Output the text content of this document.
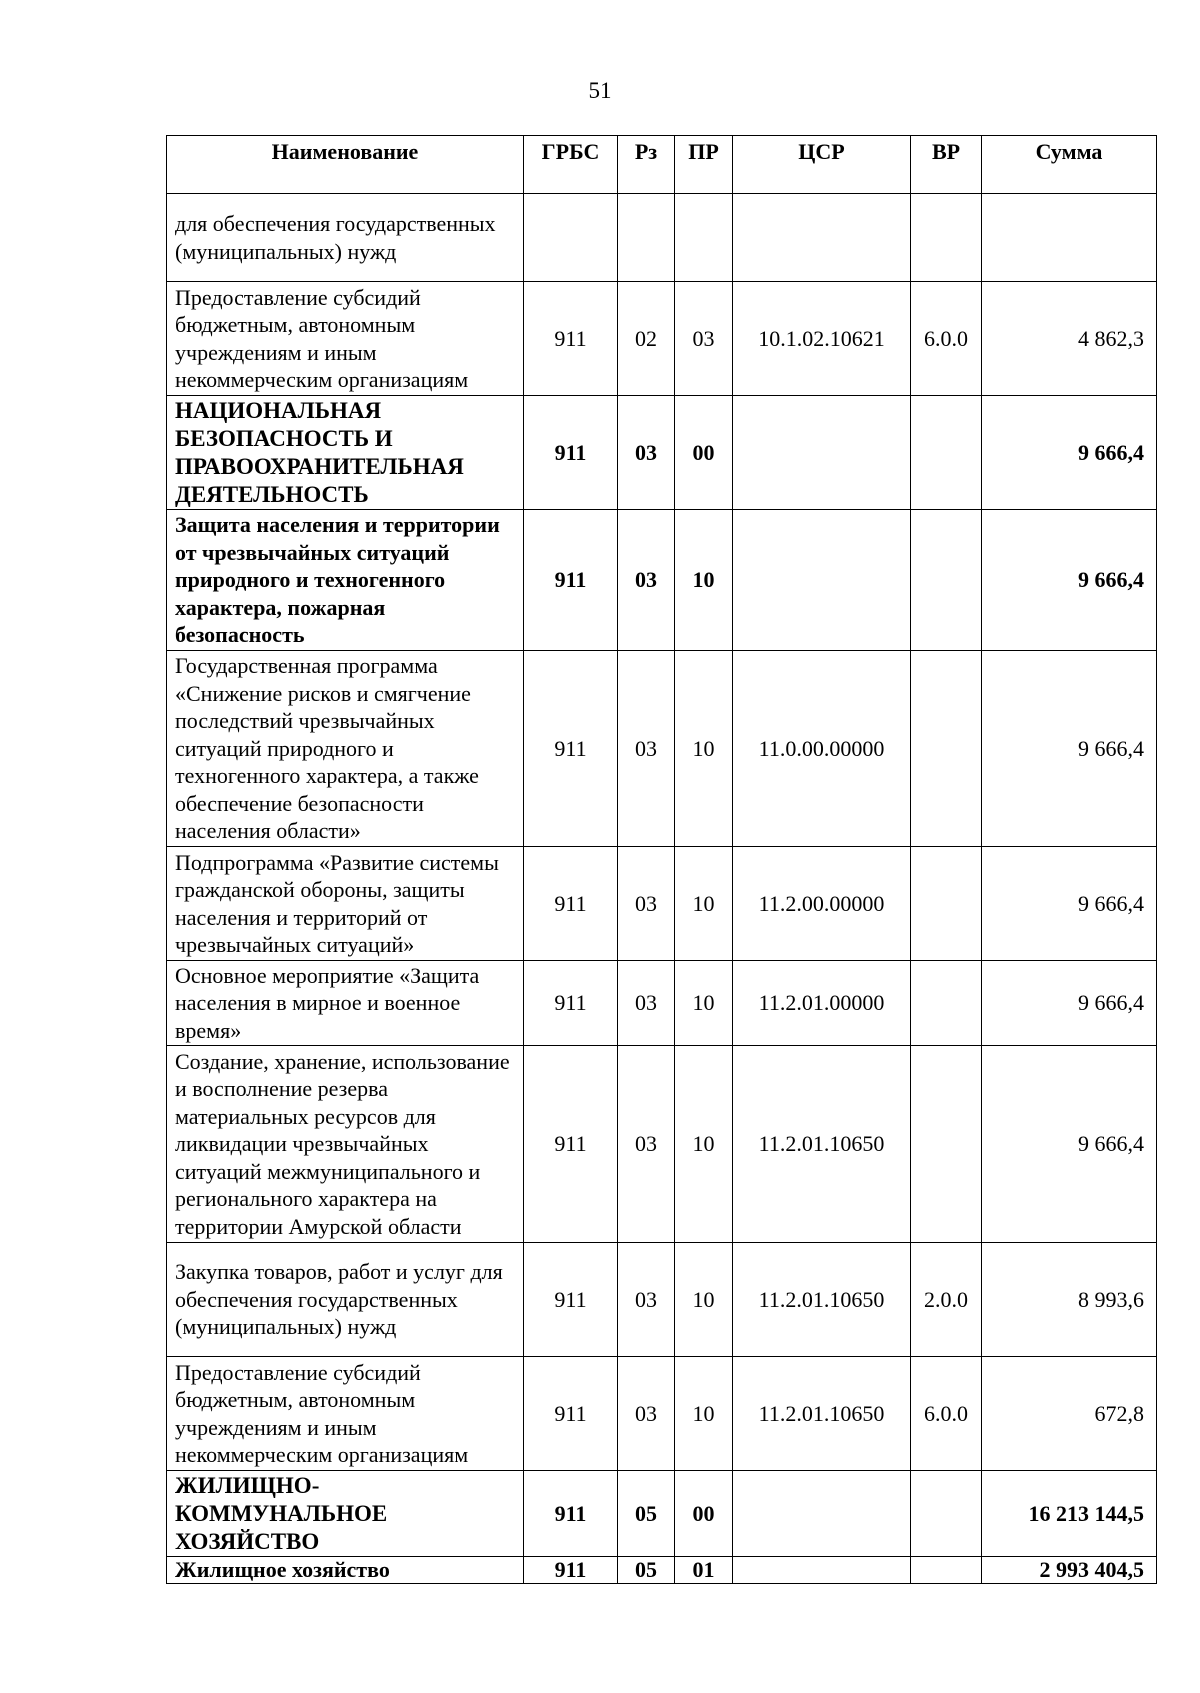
51
Наименование	ГРБС	Рз	ПР	ЦСР	ВР	Сумма
для обеспечения государственных (муниципальных) нужд						
Предоставление субсидий бюджетным, автономным учреждениям и иным некоммерческим организациям	911	02	03	10.1.02.10621	6.0.0	4 862,3
НАЦИОНАЛЬНАЯ БЕЗОПАСНОСТЬ И ПРАВООХРАНИТЕЛЬНАЯ ДЕЯТЕЛЬНОСТЬ	911	03	00			9 666,4
Защита населения и территории от чрезвычайных ситуаций природного и техногенного характера, пожарная безопасность	911	03	10			9 666,4
Государственная программа «Снижение рисков и смягчение последствий чрезвычайных ситуаций природного и техногенного характера, а также обеспечение безопасности населения области»	911	03	10	11.0.00.00000		9 666,4
Подпрограмма «Развитие системы гражданской обороны, защиты населения и территорий от чрезвычайных ситуаций»	911	03	10	11.2.00.00000		9 666,4
Основное мероприятие «Защита населения в мирное и военное время»	911	03	10	11.2.01.00000		9 666,4
Создание, хранение, использование и восполнение резерва материальных ресурсов для ликвидации чрезвычайных ситуаций межмуниципального и регионального характера на территории Амурской области	911	03	10	11.2.01.10650		9 666,4
Закупка товаров, работ и услуг для обеспечения государственных (муниципальных) нужд	911	03	10	11.2.01.10650	2.0.0	8 993,6
Предоставление субсидий бюджетным, автономным учреждениям и иным некоммерческим организациям	911	03	10	11.2.01.10650	6.0.0	672,8
ЖИЛИЩНО-КОММУНАЛЬНОЕ ХОЗЯЙСТВО	911	05	00			16 213 144,5
Жилищное хозяйство	911	05	01			2 993 404,5
